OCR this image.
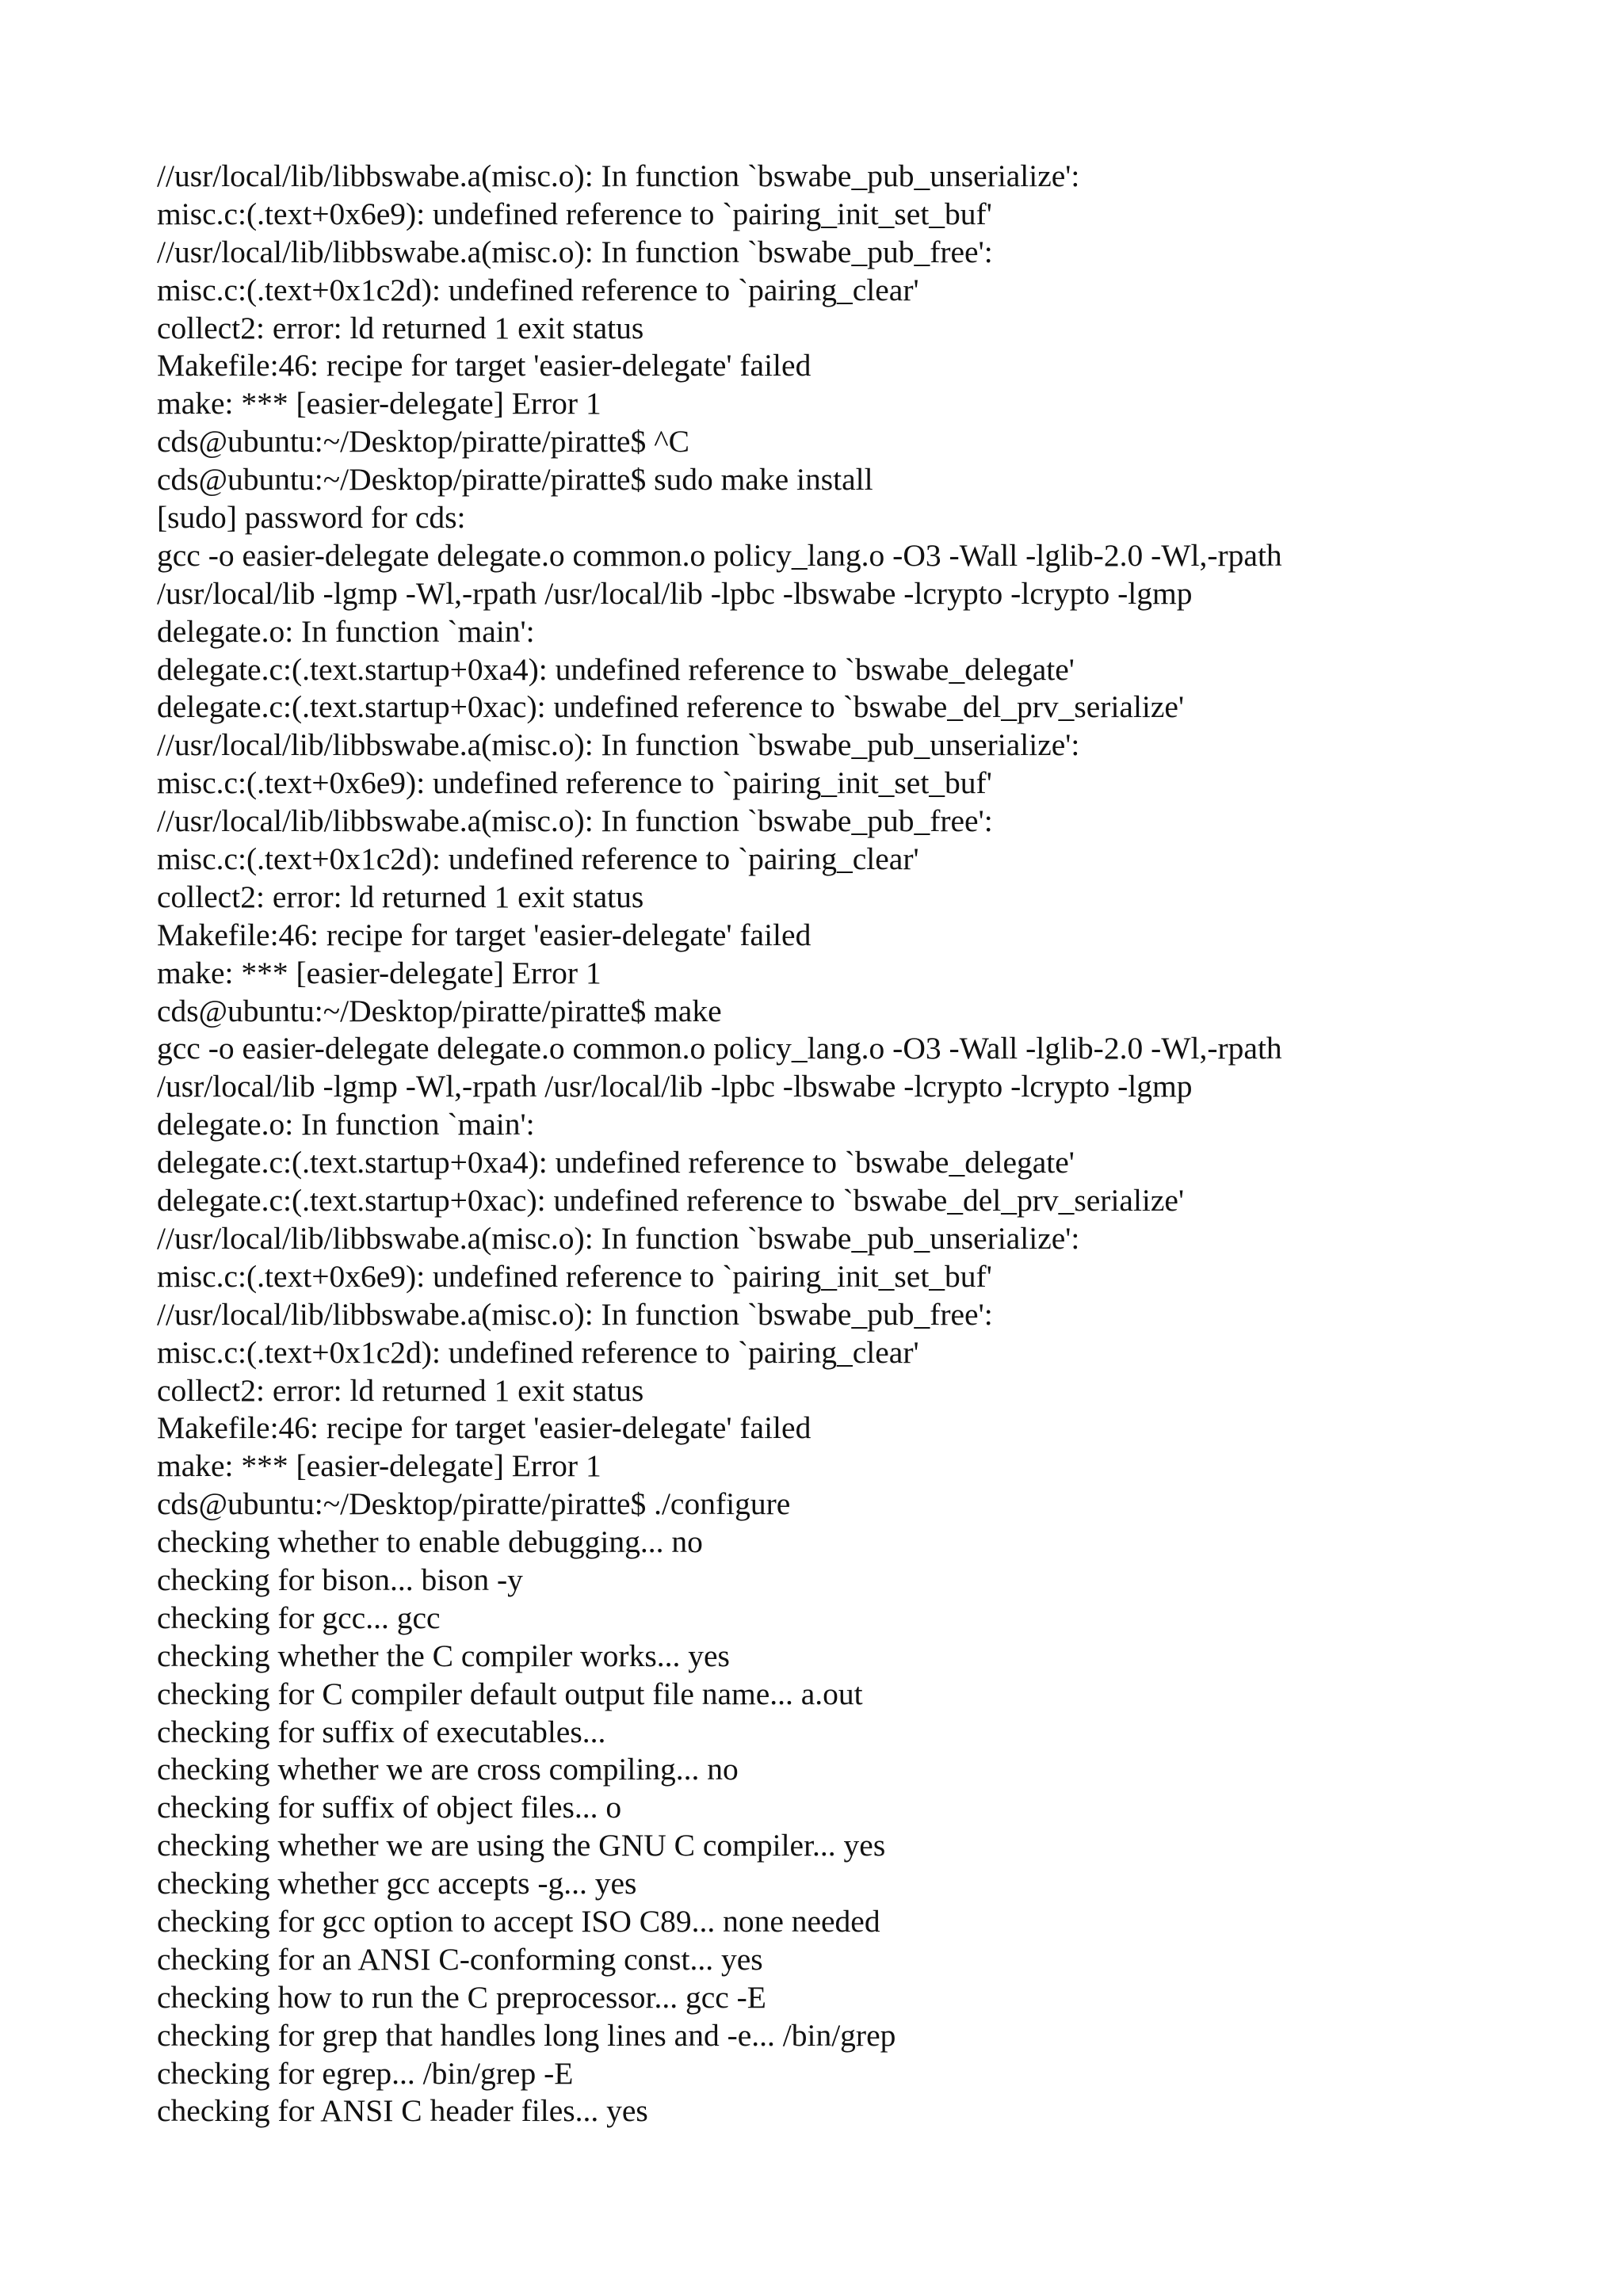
//usr/local/lib/libbswabe.a(misc.o): In function `bswabe_pub_unserialize':
misc.c:(.text+0x6e9): undefined reference to `pairing_init_set_buf'
//usr/local/lib/libbswabe.a(misc.o): In function `bswabe_pub_free':
misc.c:(.text+0x1c2d): undefined reference to `pairing_clear'
collect2: error: ld returned 1 exit status
Makefile:46: recipe for target 'easier-delegate' failed
make: *** [easier-delegate] Error 1
cds@ubuntu:~/Desktop/piratte/piratte$ ^C
cds@ubuntu:~/Desktop/piratte/piratte$ sudo make install
[sudo] password for cds:
gcc -o easier-delegate delegate.o common.o policy_lang.o -O3 -Wall -lglib-2.0 -Wl,-rpath
/usr/local/lib -lgmp -Wl,-rpath /usr/local/lib -lpbc -lbswabe -lcrypto -lcrypto -lgmp
delegate.o: In function `main':
delegate.c:(.text.startup+0xa4): undefined reference to `bswabe_delegate'
delegate.c:(.text.startup+0xac): undefined reference to `bswabe_del_prv_serialize'
//usr/local/lib/libbswabe.a(misc.o): In function `bswabe_pub_unserialize':
misc.c:(.text+0x6e9): undefined reference to `pairing_init_set_buf'
//usr/local/lib/libbswabe.a(misc.o): In function `bswabe_pub_free':
misc.c:(.text+0x1c2d): undefined reference to `pairing_clear'
collect2: error: ld returned 1 exit status
Makefile:46: recipe for target 'easier-delegate' failed
make: *** [easier-delegate] Error 1
cds@ubuntu:~/Desktop/piratte/piratte$ make
gcc -o easier-delegate delegate.o common.o policy_lang.o -O3 -Wall -lglib-2.0 -Wl,-rpath
/usr/local/lib -lgmp -Wl,-rpath /usr/local/lib -lpbc -lbswabe -lcrypto -lcrypto -lgmp
delegate.o: In function `main':
delegate.c:(.text.startup+0xa4): undefined reference to `bswabe_delegate'
delegate.c:(.text.startup+0xac): undefined reference to `bswabe_del_prv_serialize'
//usr/local/lib/libbswabe.a(misc.o): In function `bswabe_pub_unserialize':
misc.c:(.text+0x6e9): undefined reference to `pairing_init_set_buf'
//usr/local/lib/libbswabe.a(misc.o): In function `bswabe_pub_free':
misc.c:(.text+0x1c2d): undefined reference to `pairing_clear'
collect2: error: ld returned 1 exit status
Makefile:46: recipe for target 'easier-delegate' failed
make: *** [easier-delegate] Error 1
cds@ubuntu:~/Desktop/piratte/piratte$ ./configure
checking whether to enable debugging... no
checking for bison... bison -y
checking for gcc... gcc
checking whether the C compiler works... yes
checking for C compiler default output file name... a.out
checking for suffix of executables...
checking whether we are cross compiling... no
checking for suffix of object files... o
checking whether we are using the GNU C compiler... yes
checking whether gcc accepts -g... yes
checking for gcc option to accept ISO C89... none needed
checking for an ANSI C-conforming const... yes
checking how to run the C preprocessor... gcc -E
checking for grep that handles long lines and -e... /bin/grep
checking for egrep... /bin/grep -E
checking for ANSI C header files... yes
